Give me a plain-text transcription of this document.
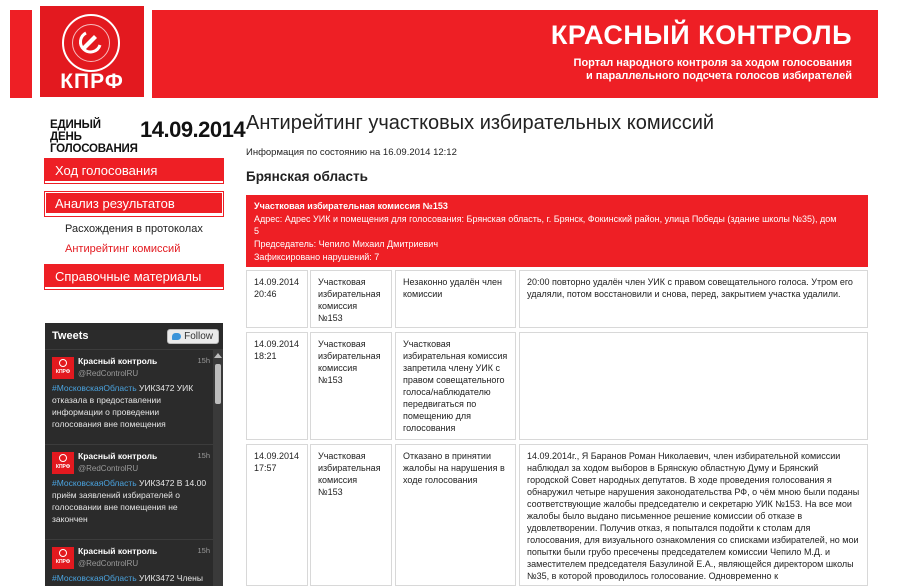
КРАСНЫЙ КОНТРОЛЬ
Портал народного контроля за ходом голосования
и параллельного подсчета голосов избирателей
КПРФ
ЕДИНЫЙ ДЕНЬ
ГОЛОСОВАНИЯ
14.09.2014
Ход голосования
Анализ результатов
Расхождения в протоколах
Антирейтинг комиссий
Справочные материалы
Tweets	Follow
КПРФ
Красный контроль
@RedControlRU
15h
#МосковскаяОбласть УИК3472 УИК отказала в предоставлении информации о проведении голосования вне помещения
КПРФ
Красный контроль
@RedControlRU
15h
#МосковскаяОбласть УИК3472 В 14.00 приём заявлений избирателей о голосовании вне помещения не закончен
КПРФ
Красный контроль
@RedControlRU
15h
#МосковскаяОбласть УИК3472 Члены
Антирейтинг участковых избирательных комиссий
Информация по состоянию на 16.09.2014 12:12
Брянская область
Участковая избирательная комиссия №153
Адрес: Адрес УИК и помещения для голосования: Брянская область, г. Брянск, Фокинский район, улица Победы (здание школы №35), дом
5
Председатель: Чепило Михаил Дмитриевич
Зафиксировано нарушений: 7
14.09.2014
20:46
Участковая избирательная комиссия №153
Незаконно удалён член комиссии
20:00 повторно удалён член УИК с правом совещательного голоса. Утром его удаляли, потом восстановили и снова, перед, закрытием участка удалили.
14.09.2014
18:21
Участковая избирательная комиссия №153
Участковая избирательная комиссия запретила члену УИК с правом совещательного голоса/наблюдателю передвигаться по помещению для голосования
14.09.2014
17:57
Участковая избирательная комиссия №153
Отказано в принятии жалобы на нарушения в ходе голосования
14.09.2014г., Я Баранов Роман Николаевич, член избирательной комиссии наблюдал за ходом выборов в Брянскую областную Думу и Брянский городской Совет народных депутатов. В ходе проведения голосования я обнаружил четыре нарушения законодательства РФ, о чём мною были поданы соответствующие жалобы председателю и секретарю УИК №153. На все мои жалобы было выдано письменное решение комиссии об отказе в удовлетворении. Получив отказ, я попытался подойти к столам для голосования, для визуального ознакомления со списками избирателей, но мои попытки были грубо пресечены председателем комиссии Чепило М.Д. и заместителем председателя Базулиной Е.А., являющейся директором школы №35, в которой проводилось голосование. Одновременно к
